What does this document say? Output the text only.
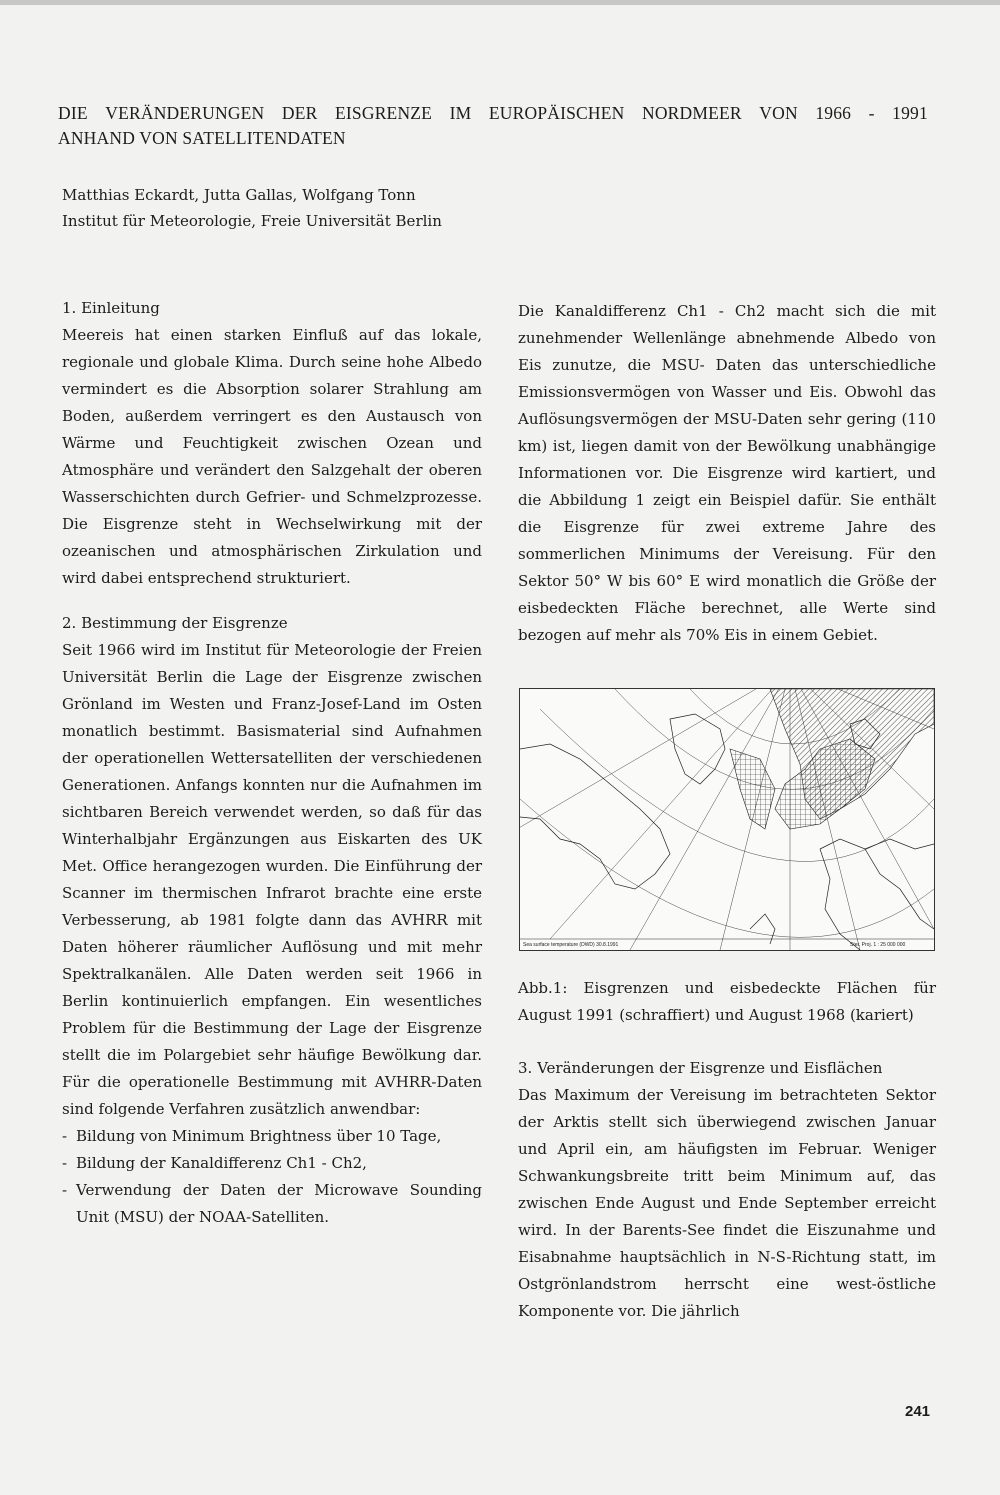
DIE VERÄNDERUNGEN DER EISGRENZE IM EUROPÄISCHEN NORDMEER VON 1966 - 1991
ANHAND VON SATELLITENDATEN
Matthias Eckardt, Jutta Gallas, Wolfgang Tonn
Institut für Meteorologie, Freie Universität Berlin
1. Einleitung
Meereis hat einen starken Einfluß auf das lokale, regionale und globale Klima. Durch seine hohe Albedo vermindert es die Absorption solarer Strahlung am Boden, außerdem verringert es den Austausch von Wärme und Feuchtigkeit zwischen Ozean und Atmosphäre und verändert den Salzgehalt der oberen Wasserschichten durch Gefrier- und Schmelzprozesse. Die Eisgrenze steht in Wechselwirkung mit der ozeanischen und atmosphärischen Zirkulation und wird dabei entsprechend strukturiert.
2. Bestimmung der Eisgrenze
Seit 1966 wird im Institut für Meteorologie der Freien Universität Berlin die Lage der Eisgrenze zwischen Grönland im Westen und Franz-Josef-Land im Osten monatlich bestimmt. Basismaterial sind Aufnahmen der operationellen Wettersatelliten der verschiedenen Generationen. Anfangs konnten nur die Aufnahmen im sichtbaren Bereich verwendet werden, so daß für das Winterhalbjahr Ergänzungen aus Eiskarten des UK Met. Office herangezogen wurden. Die Einführung der Scanner im thermischen Infrarot brachte eine erste Verbesserung, ab 1981 folgte dann das AVHRR mit Daten höherer räumlicher Auflösung und mit mehr Spektralkanälen. Alle Daten werden seit 1966 in Berlin kontinuierlich empfangen. Ein wesentliches Problem für die Bestimmung der Lage der Eisgrenze stellt die im Polargebiet sehr häufige Bewölkung dar. Für die operationelle Bestimmung mit AVHRR-Daten sind folgende Verfahren zusätzlich anwendbar:
- Bildung von Minimum Brightness über 10 Tage,
- Bildung der Kanaldifferenz Ch1 - Ch2,
- Verwendung der Daten der Microwave Sounding Unit (MSU) der NOAA-Satelliten.
Die Kanaldifferenz Ch1 - Ch2 macht sich die mit zunehmender Wellenlänge abnehmende Albedo von Eis zunutze, die MSU- Daten das unterschiedliche Emissionsvermögen von Wasser und Eis. Obwohl das Auflösungsvermögen der MSU-Daten sehr gering (110 km) ist, liegen damit von der Bewölkung unabhängige Informationen vor. Die Eisgrenze wird kartiert, und die Abbildung 1 zeigt ein Beispiel dafür. Sie enthält die Eisgrenze für zwei extreme Jahre des sommerlichen Minimums der Vereisung. Für den Sektor 50° W bis 60° E wird monatlich die Größe der eisbedeckten Fläche berechnet, alle Werte sind bezogen auf mehr als 70% Eis in einem Gebiet.
Sea surface temperature (DWD) 30.8.1991	Ster. Proj. 1 : 25 000 000
Abb.1: Eisgrenzen und eisbedeckte Flächen für August 1991 (schraffiert) und August 1968 (kariert)
3. Veränderungen der Eisgrenze und Eisflächen
Das Maximum der Vereisung im betrachteten Sektor der Arktis stellt sich überwiegend zwischen Januar und April ein, am häufigsten im Februar. Weniger Schwankungsbreite tritt beim Minimum auf, das zwischen Ende August und Ende September erreicht wird. In der Barents-See findet die Eiszunahme und Eisabnahme hauptsächlich in N-S-Richtung statt, im Ostgrönlandstrom herrscht eine west-östliche Komponente vor. Die jährlich
241
